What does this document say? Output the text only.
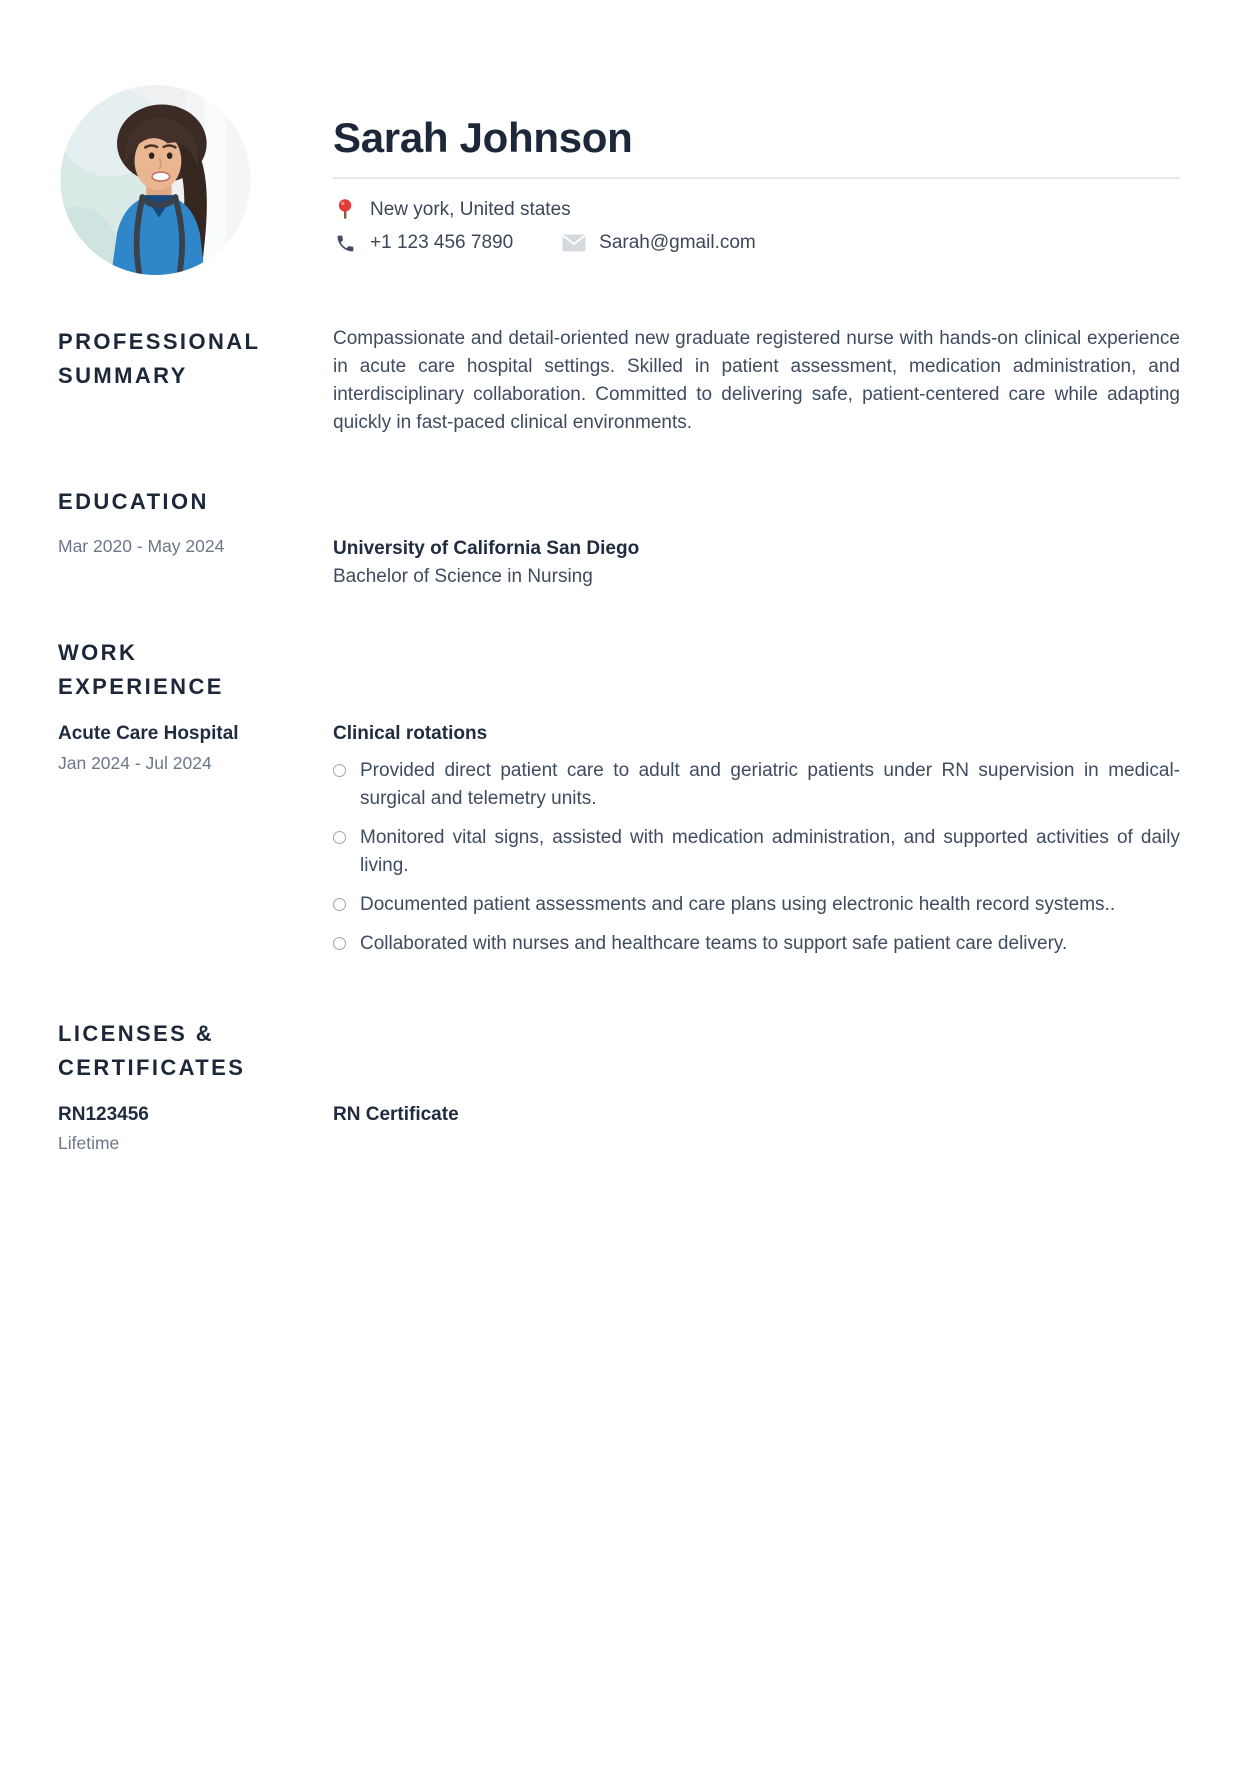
Sarah Johnson
New york, United states
+1 123 456 7890	Sarah@gmail.com
PROFESSIONAL SUMMARY

Compassionate and detail-oriented new graduate registered nurse with hands-on clinical experience in acute care hospital settings. Skilled in patient assessment, medication administration, and interdisciplinary collaboration. Committed to delivering safe, patient-centered care while adapting quickly in fast-paced clinical environments.

EDUCATION
Mar 2020 - May 2024	University of California San Diego
Bachelor of Science in Nursing
WORK EXPERIENCE
Acute Care Hospital
Jan 2024 - Jul 2024
Clinical rotations
Provided direct patient care to adult and geriatric patients under RN supervision in medical-surgical and telemetry units.
Monitored vital signs, assisted with medication administration, and supported activities of daily living.
Documented patient assessments and care plans using electronic health record systems..
Collaborated with nurses and healthcare teams to support safe patient care delivery.
LICENSES & CERTIFICATES
RN123456
Lifetime
RN Certificate
